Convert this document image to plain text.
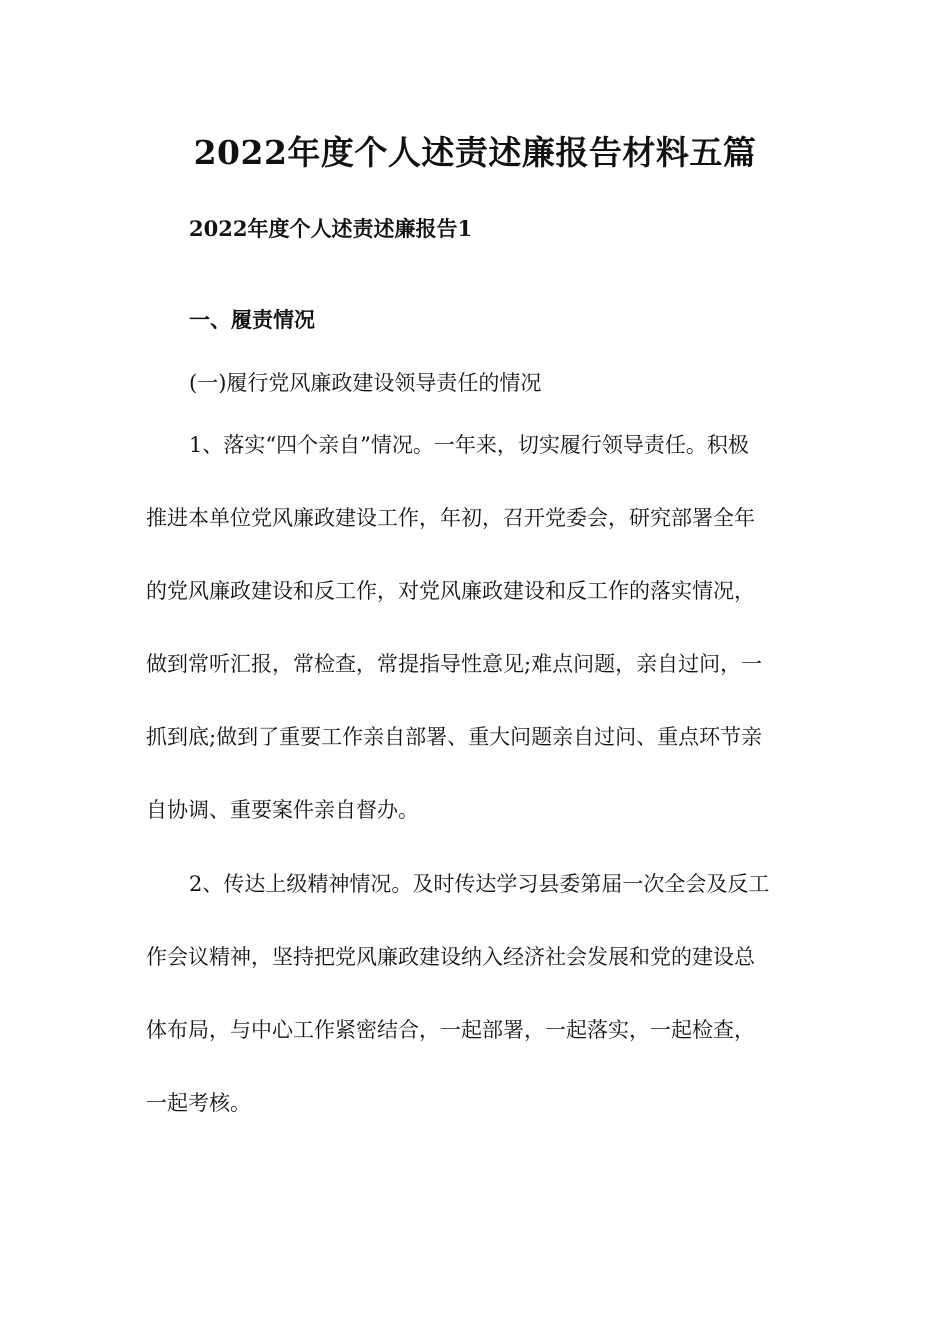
2022年度个人述责述廉报告材料五篇

2022年度个人述责述廉报告1

一、履责情况

(一)履行党风廉政建设领导责任的情况

1、落实“四个亲自”情况。一年来，切实履行领导责任。积极
推进本单位党风廉政建设工作，年初，召开党委会，研究部署全年
的党风廉政建设和反工作，对党风廉政建设和反工作的落实情况，
做到常听汇报，常检查，常提指导性意见;难点问题，亲自过问，一
抓到底;做到了重要工作亲自部署、重大问题亲自过问、重点环节亲
自协调、重要案件亲自督办。
2、传达上级精神情况。及时传达学习县委第届一次全会及反工
作会议精神，坚持把党风廉政建设纳入经济社会发展和党的建设总
体布局，与中心工作紧密结合，一起部署，一起落实，一起检查，
一起考核。
